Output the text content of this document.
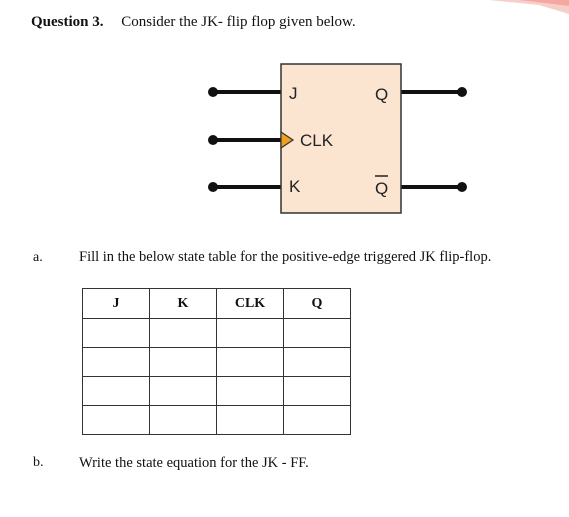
Question 3. Consider the JK- flip flop given below.
J
CLK
K
Q
Q
a.	Fill in the below state table for the positive-edge triggered JK flip-flop.
J	K	CLK	Q

b. Write the state equation for the JK - FF.
